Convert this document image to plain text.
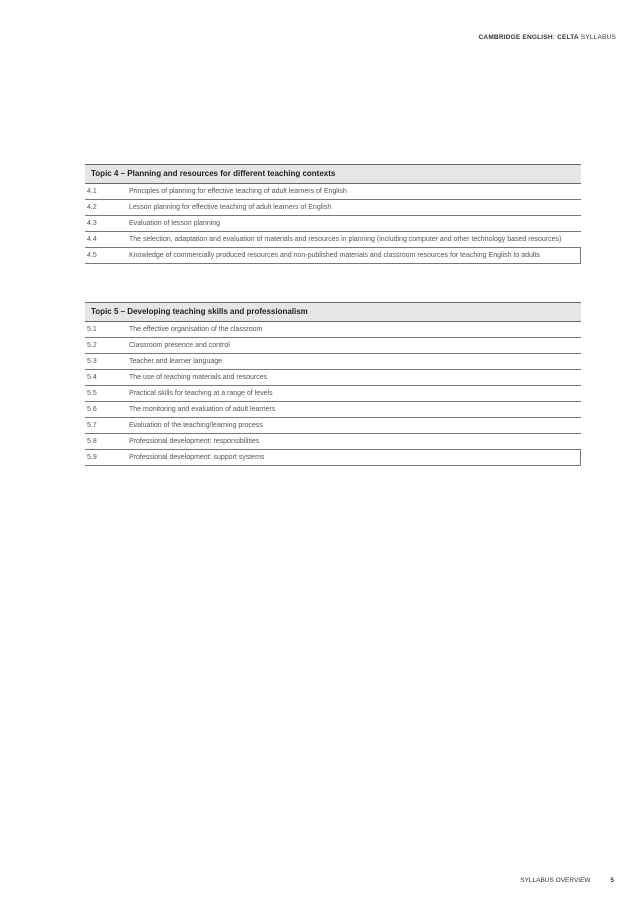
CAMBRIDGE ENGLISH: CELTA SYLLABUS
Topic 4 – Planning and resources for different teaching contexts
4.1	Principles of planning for effective teaching of adult learners of English
4.2	Lesson planning for effective teaching of adult learners of English
4.3	Evaluation of lesson planning
4.4	The selection, adaptation and evaluation of materials and resources in planning (including computer and other technology based resources)
4.5	Knowledge of commercially produced resources and non-published materials and classroom resources for teaching English to adults
Topic 5 – Developing teaching skills and professionalism
5.1	The effective organisation of the classroom
5.2	Classroom presence and control
5.3	Teacher and learner language
5.4	The use of teaching materials and resources
5.5	Practical skills for teaching at a range of levels
5.6	The monitoring and evaluation of adult learners
5.7	Evaluation of the teaching/learning process
5.8	Professional development: responsibilities
5.9	Professional development: support systems
SYLLABUS OVERVIEW	5
